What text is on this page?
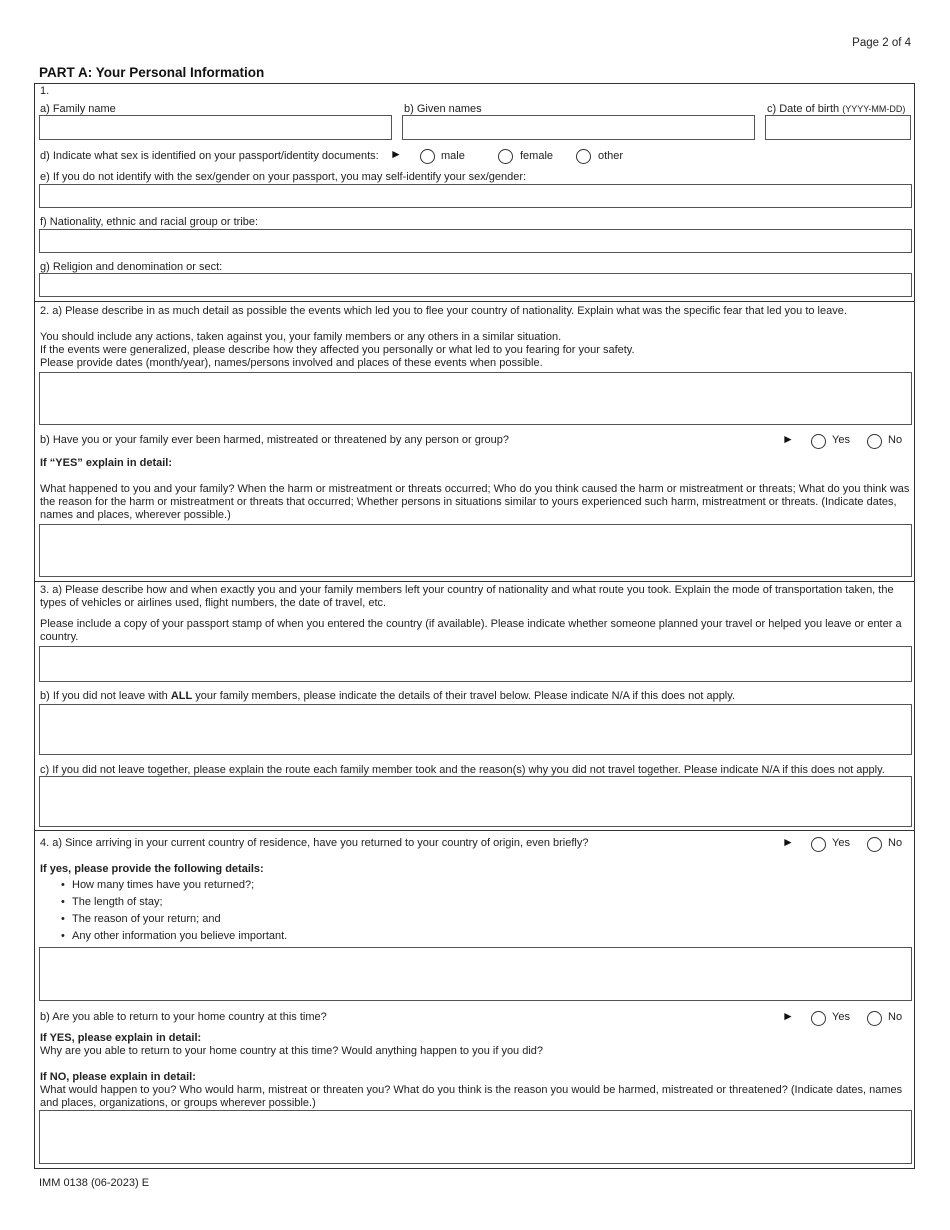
Page 2 of 4
PART A: Your Personal Information
1.
a) Family name	b) Given names	c) Date of birth (YYYY-MM-DD)
d) Indicate what sex is identified on your passport/identity documents: ►	male	female	other
e) If you do not identify with the sex/gender on your passport, you may self-identify your sex/gender:
f) Nationality, ethnic and racial group or tribe:
g) Religion and denomination or sect:
2. a) Please describe in as much detail as possible the events which led you to flee your country of nationality. Explain what was the specific fear that led you to leave.
You should include any actions, taken against you, your family members or any others in a similar situation.
If the events were generalized, please describe how they affected you personally or what led to you fearing for your safety.
Please provide dates (month/year), names/persons involved and places of these events when possible.
b) Have you or your family ever been harmed, mistreated or threatened by any person or group?	►	Yes	No
If “YES” explain in detail:
What happened to you and your family? When the harm or mistreatment or threats occurred; Who do you think caused the harm or mistreatment or threats; What do you think was the reason for the harm or mistreatment or threats that occurred; Whether persons in situations similar to yours experienced such harm, mistreatment or threats. (Indicate dates, names and places, wherever possible.)
3. a) Please describe how and when exactly you and your family members left your country of nationality and what route you took. Explain the mode of transportation taken, the types of vehicles or airlines used, flight numbers, the date of travel, etc.
Please include a copy of your passport stamp of when you entered the country (if available). Please indicate whether someone planned your travel or helped you leave or enter a country.
b) If you did not leave with ALL your family members, please indicate the details of their travel below. Please indicate N/A if this does not apply.
c) If you did not leave together, please explain the route each family member took and the reason(s) why you did not travel together. Please indicate N/A if this does not apply.
4. a) Since arriving in your current country of residence, have you returned to your country of origin, even briefly?	►	Yes	No
If yes, please provide the following details:
• How many times have you returned?;
• The length of stay;
• The reason of your return; and
• Any other information you believe important.
b) Are you able to return to your home country at this time?	►	Yes	No
If YES, please explain in detail:
Why are you able to return to your home country at this time? Would anything happen to you if you did?
If NO, please explain in detail:
What would happen to you? Who would harm, mistreat or threaten you? What do you think is the reason you would be harmed, mistreated or threatened? (Indicate dates, names and places, organizations, or groups wherever possible.)
IMM 0138 (06-2023) E
